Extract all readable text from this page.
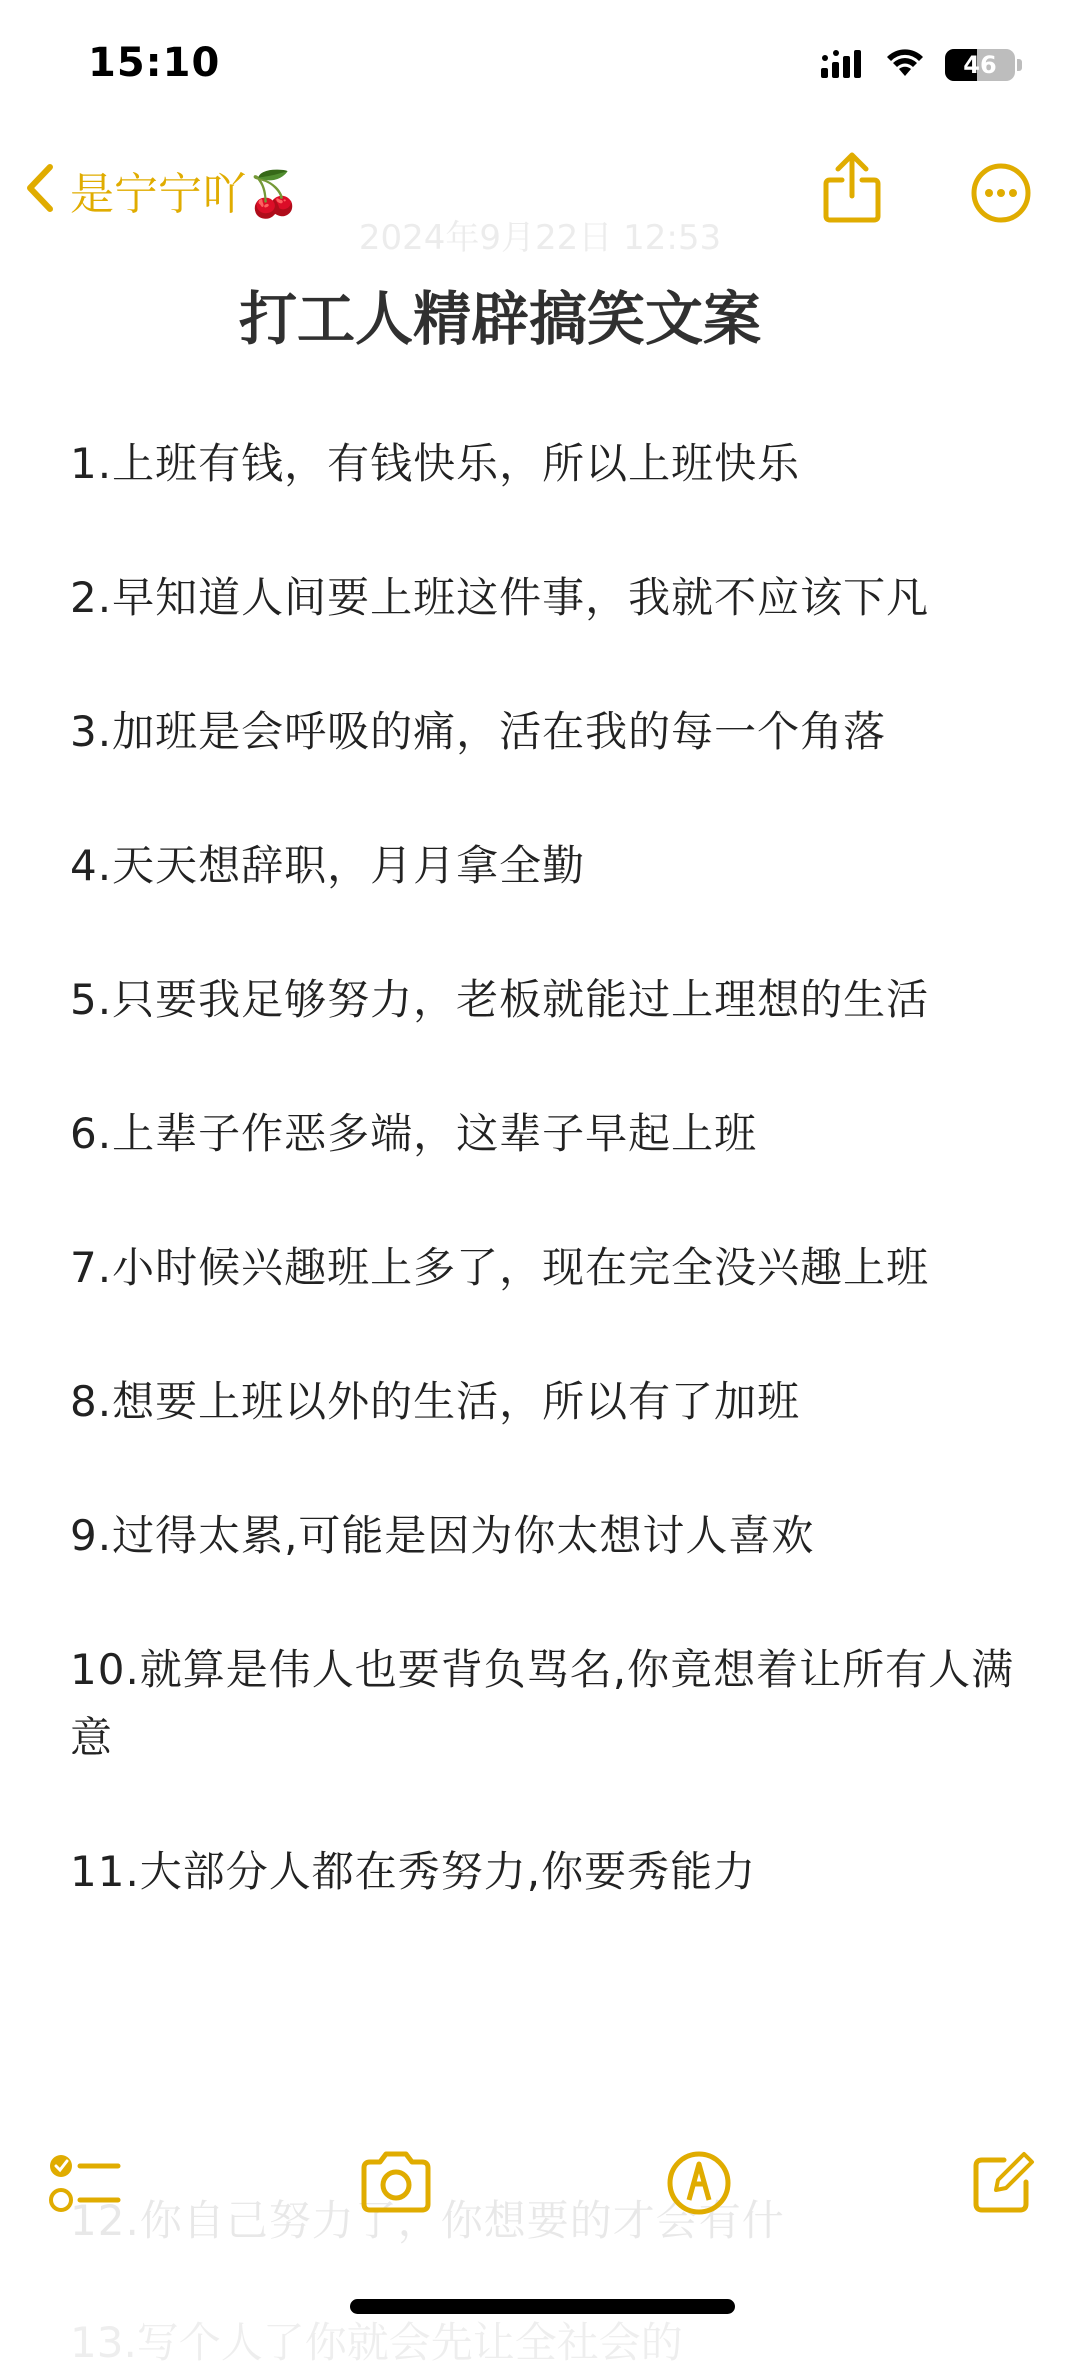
15:10	46
是宁宁吖🍒
2024年9月22日 12:53
打工人精辟搞笑文案

1.上班有钱，有钱快乐，所以上班快乐

2.早知道人间要上班这件事，我就不应该下凡

3.加班是会呼吸的痛，活在我的每一个角落

4.天天想辞职，月月拿全勤

5.只要我足够努力，老板就能过上理想的生活

6.上辈子作恶多端，这辈子早起上班

7.小时候兴趣班上多了，现在完全没兴趣上班

8.想要上班以外的生活，所以有了加班

9.过得太累,可能是因为你太想讨人喜欢

10.就算是伟人也要背负骂名,你竟想着让所有人满意

11.大部分人都在秀努力,你要秀能力

12.你自己努力了，你想要的才会有什
13.写个人了你就会先让全社会的
